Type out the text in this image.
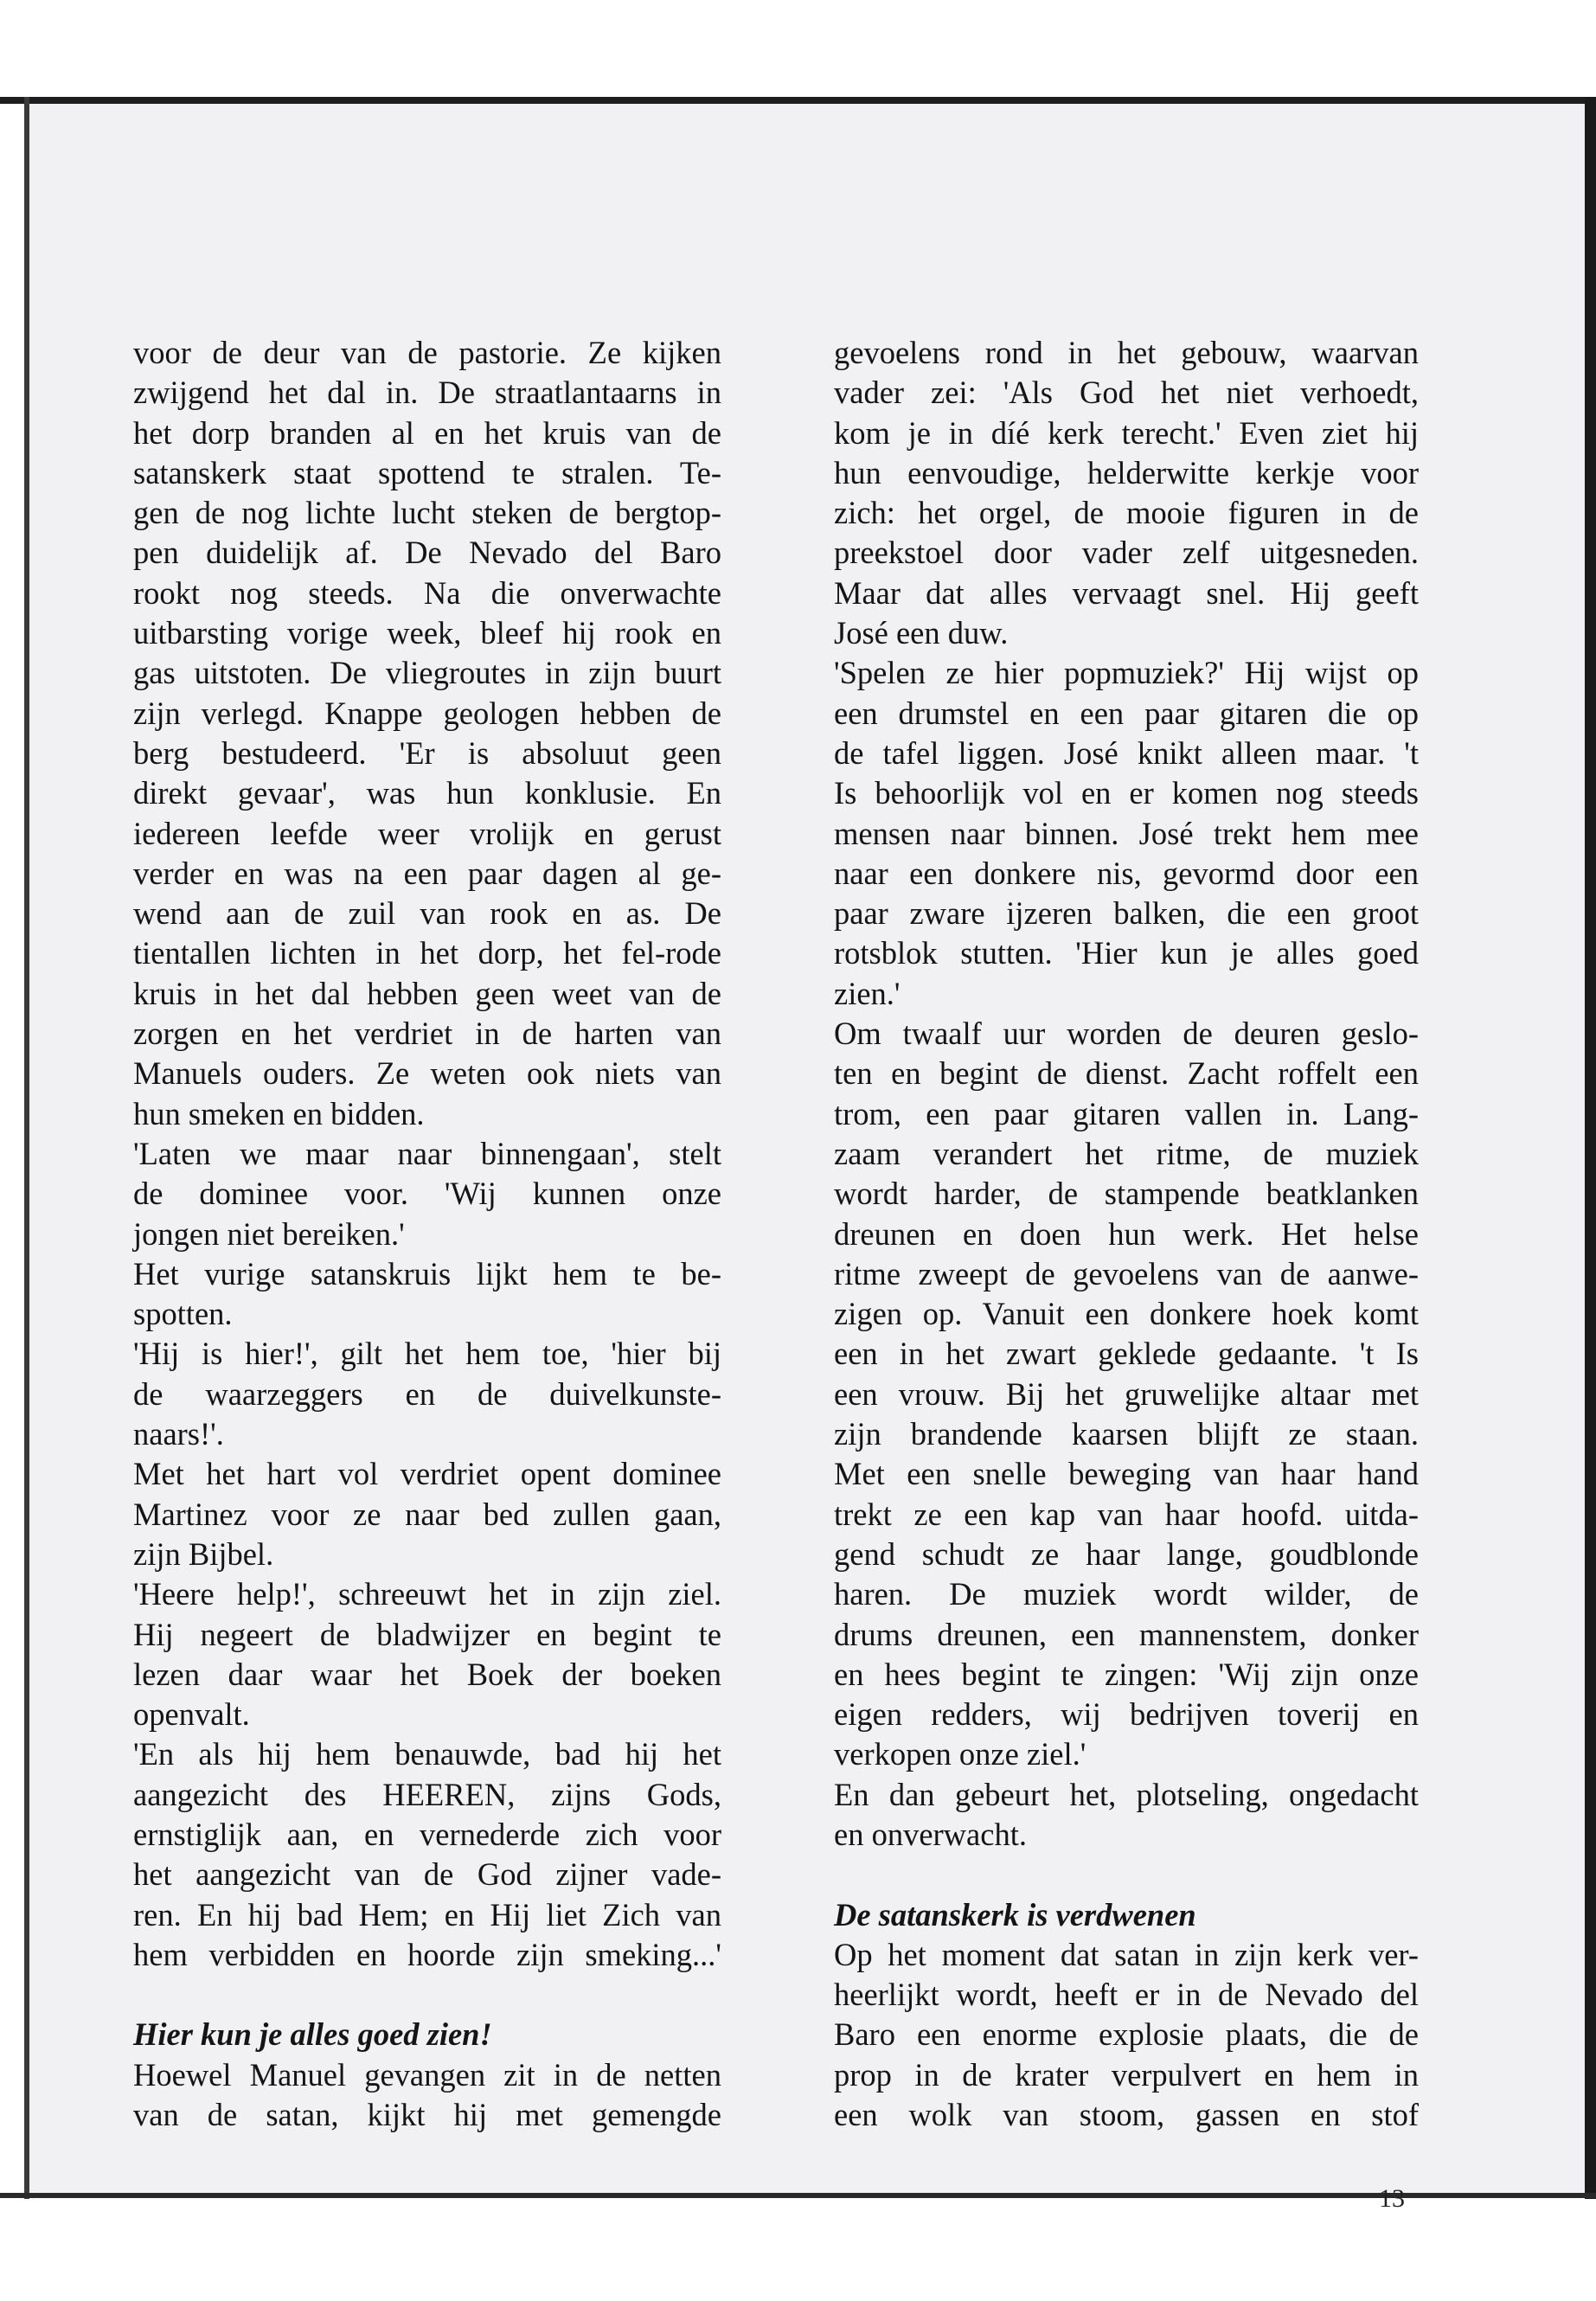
voor de deur van de pastorie. Ze kijken
zwijgend het dal in. De straatlantaarns in
het dorp branden al en het kruis van de
satanskerk staat spottend te stralen. Te-
gen de nog lichte lucht steken de bergtop-
pen duidelijk af. De Nevado del Baro
rookt nog steeds. Na die onverwachte
uitbarsting vorige week, bleef hij rook en
gas uitstoten. De vliegroutes in zijn buurt
zijn verlegd. Knappe geologen hebben de
berg bestudeerd. 'Er is absoluut geen
direkt gevaar', was hun konklusie. En
iedereen leefde weer vrolijk en gerust
verder en was na een paar dagen al ge-
wend aan de zuil van rook en as. De
tientallen lichten in het dorp, het fel-rode
kruis in het dal hebben geen weet van de
zorgen en het verdriet in de harten van
Manuels ouders. Ze weten ook niets van
hun smeken en bidden.
'Laten we maar naar binnengaan', stelt
de dominee voor. 'Wij kunnen onze
jongen niet bereiken.'
Het vurige satanskruis lijkt hem te be-
spotten.
'Hij is hier!', gilt het hem toe, 'hier bij
de waarzeggers en de duivelkunste-
naars!'.
Met het hart vol verdriet opent dominee
Martinez voor ze naar bed zullen gaan,
zijn Bijbel.
'Heere help!', schreeuwt het in zijn ziel.
Hij negeert de bladwijzer en begint te
lezen daar waar het Boek der boeken
openvalt.
'En als hij hem benauwde, bad hij het
aangezicht des HEEREN, zijns Gods,
ernstiglijk aan, en vernederde zich voor
het aangezicht van de God zijner vade-
ren. En hij bad Hem; en Hij liet Zich van
hem verbidden en hoorde zijn smeking...'
Hier kun je alles goed zien!
Hoewel Manuel gevangen zit in de netten
van de satan, kijkt hij met gemengde
gevoelens rond in het gebouw, waarvan
vader zei: 'Als God het niet verhoedt,
kom je in díé kerk terecht.' Even ziet hij
hun eenvoudige, helderwitte kerkje voor
zich: het orgel, de mooie figuren in de
preekstoel door vader zelf uitgesneden.
Maar dat alles vervaagt snel. Hij geeft
José een duw.
'Spelen ze hier popmuziek?' Hij wijst op
een drumstel en een paar gitaren die op
de tafel liggen. José knikt alleen maar. 't
Is behoorlijk vol en er komen nog steeds
mensen naar binnen. José trekt hem mee
naar een donkere nis, gevormd door een
paar zware ijzeren balken, die een groot
rotsblok stutten. 'Hier kun je alles goed
zien.'
Om twaalf uur worden de deuren geslo-
ten en begint de dienst. Zacht roffelt een
trom, een paar gitaren vallen in. Lang-
zaam verandert het ritme, de muziek
wordt harder, de stampende beatklanken
dreunen en doen hun werk. Het helse
ritme zweept de gevoelens van de aanwe-
zigen op. Vanuit een donkere hoek komt
een in het zwart geklede gedaante. 't Is
een vrouw. Bij het gruwelijke altaar met
zijn brandende kaarsen blijft ze staan.
Met een snelle beweging van haar hand
trekt ze een kap van haar hoofd. uitda-
gend schudt ze haar lange, goudblonde
haren. De muziek wordt wilder, de
drums dreunen, een mannenstem, donker
en hees begint te zingen: 'Wij zijn onze
eigen redders, wij bedrijven toverij en
verkopen onze ziel.'
En dan gebeurt het, plotseling, ongedacht
en onverwacht.
De satanskerk is verdwenen
Op het moment dat satan in zijn kerk ver-
heerlijkt wordt, heeft er in de Nevado del
Baro een enorme explosie plaats, die de
prop in de krater verpulvert en hem in
een wolk van stoom, gassen en stof
13
